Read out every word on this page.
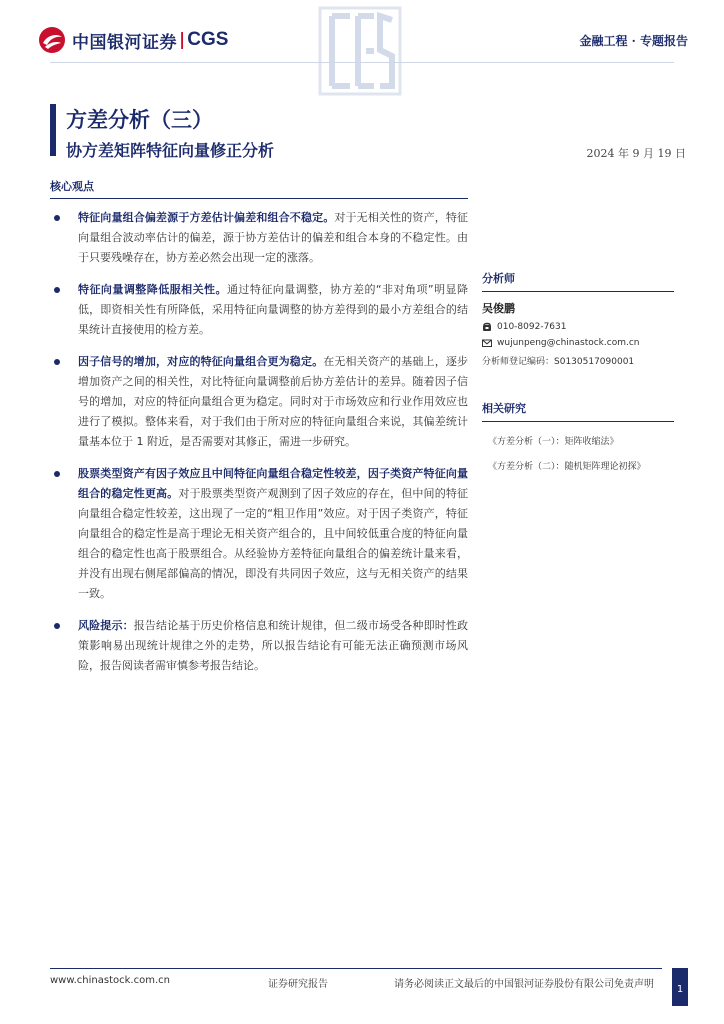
中国银河证券 | CGS	金融工程 · 专题报告
方差分析（三）
协方差矩阵特征向量修正分析	2024 年 9 月 19 日
核心观点
特征向量组合偏差源于方差估计偏差和组合不稳定。对于无相关性的资产，特征向量组合波动率估计的偏差，源于协方差估计的偏差和组合本身的不稳定性。由于只要残噪存在，协方差必然会出现一定的涨落。
特征向量调整降低服相关性。通过特征向量调整，协方差的“非对角项”明显降低，即资相关性有所降低，采用特征向量调整的协方差得到的最小方差组合的结果统计直接使用的检方差。
因子信号的增加，对应的特征向量组合更为稳定。在无相关资产的基础上，逐步增加资产之间的相关性，对比特征向量调整前后协方差估计的差异。随着因子信号的增加，对应的特征向量组合更为稳定。同时对于市场效应和行业作用效应也进行了模拟。整体来看，对于我们由于所对应的特征向量组合来说，其偏差统计量基本位于 1 附近，是否需要对其修正，需进一步研究。
股票类型资产有因子效应且中间特征向量组合稳定性较差，因子类资产特征向量组合的稳定性更高。对于股票类型资产观测到了因子效应的存在，但中间的特征向量组合稳定性较差，这出现了一定的“粗卫作用”效应。对于因子类资产，特征向量组合的稳定性是高于理论无相关资产组合的，且中间较低重合度的特征向量组合的稳定性也高于股票组合。从经验协方差特征向量组合的偏差统计量来看，并没有出现右侧尾部偏高的情况，即没有共同因子效应，这与无相关资产的结果一致。
风险提示：报告结论基于历史价格信息和统计规律，但二级市场受各种即时性政策影响易出现统计规律之外的走势，所以报告结论有可能无法正确预测市场风险，报告阅读者需审慎参考报告结论。
分析师
吴俊鹏
010-8092-7631
wujunpeng@chinastock.com.cn
分析师登记编码：S0130517090001
相关研究
《方差分析（一）：矩阵收缩法》
《方差分析（二）：随机矩阵理论初探》
www.chinastock.com.cn	证券研究报告	请务必阅读正文最后的中国银河证券股份有限公司免责声明	1
